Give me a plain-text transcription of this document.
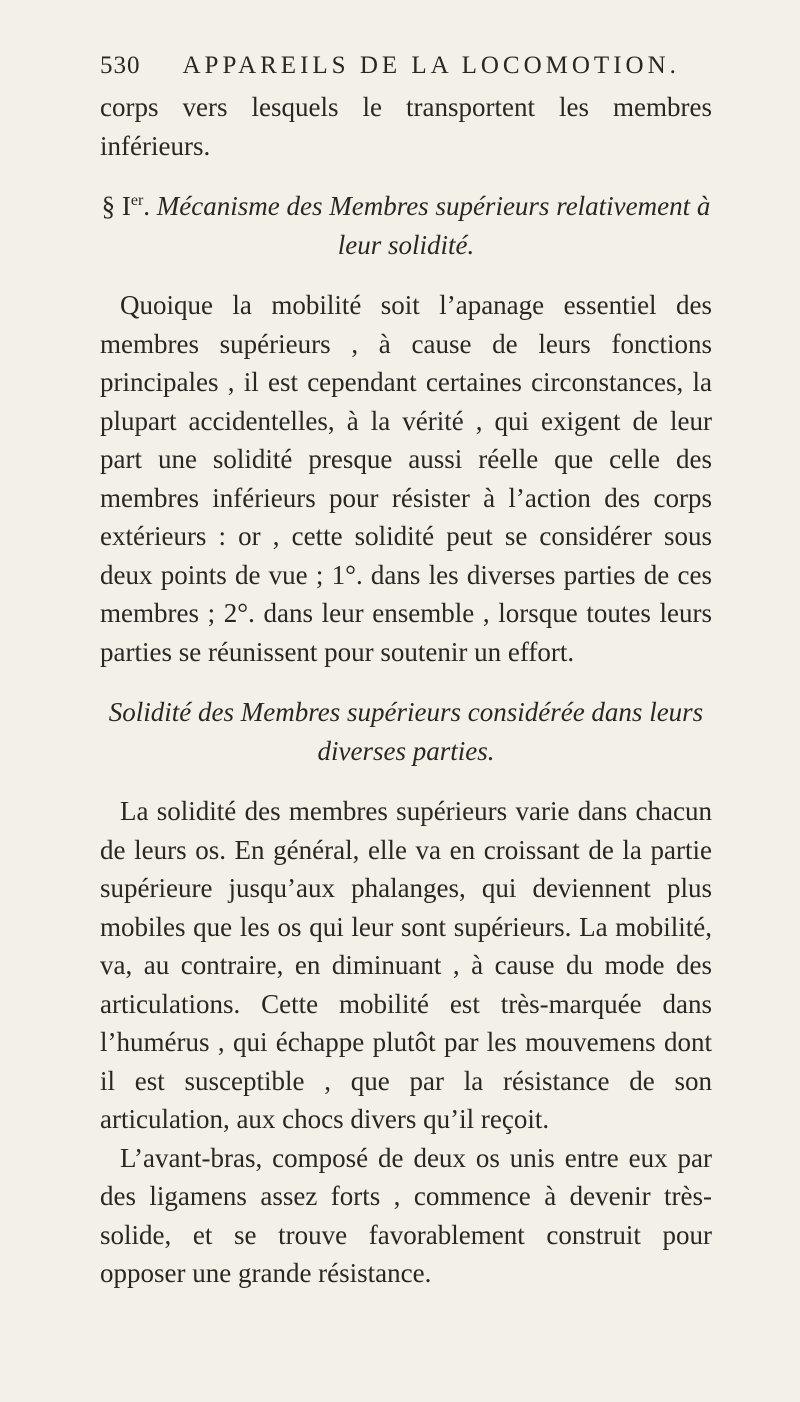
530 APPAREILS DE LA LOCOMOTION.

corps vers lesquels le transportent les membres inférieurs.

§ Ier. Mécanisme des Membres supérieurs relativement à leur solidité.

Quoique la mobilité soit l’apanage essentiel des membres supérieurs , à cause de leurs fonctions principales , il est cependant certaines circonstances, la plupart accidentelles, à la vérité , qui exigent de leur part une solidité presque aussi réelle que celle des membres inférieurs pour résister à l’action des corps extérieurs : or , cette solidité peut se considérer sous deux points de vue ; 1°. dans les diverses parties de ces membres ; 2°. dans leur ensemble , lorsque toutes leurs parties se réunissent pour soutenir un effort.

Solidité des Membres supérieurs considérée dans leurs diverses parties.

La solidité des membres supérieurs varie dans chacun de leurs os. En général, elle va en croissant de la partie supérieure jusqu’aux phalanges, qui deviennent plus mobiles que les os qui leur sont supérieurs. La mobilité, va, au contraire, en diminuant , à cause du mode des articulations. Cette mobilité est très-marquée dans l’humérus , qui échappe plutôt par les mouvemens dont il est susceptible , que par la résistance de son articulation, aux chocs divers qu’il reçoit.

L’avant-bras, composé de deux os unis entre eux par des ligamens assez forts , commence à devenir très-solide, et se trouve favorablement construit pour opposer une grande résistance.
